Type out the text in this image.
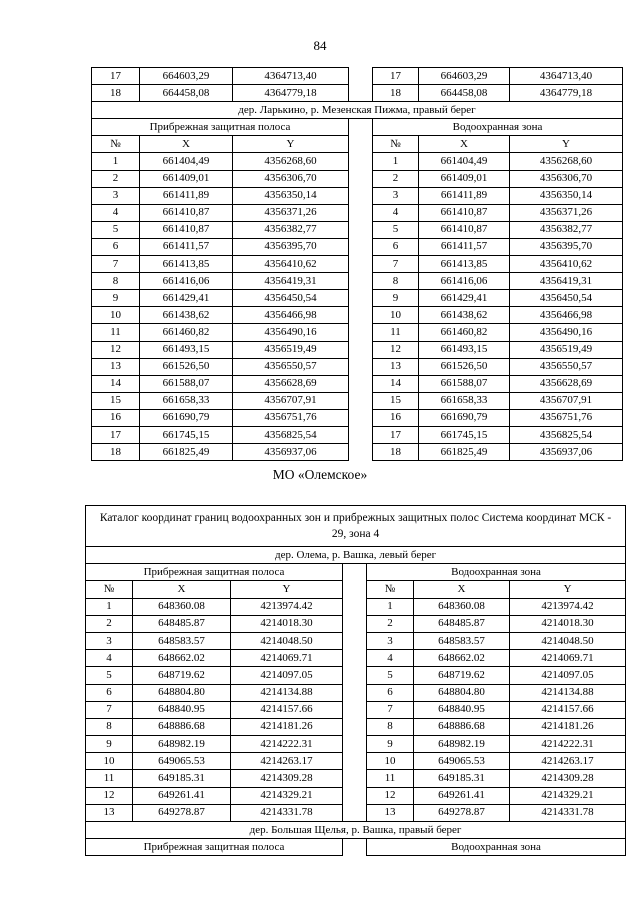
84
17	664603,29	4364713,40		17	664603,29	4364713,40
18	664458,08	4364779,18		18	664458,08	4364779,18
дер. Ларькино, р. Мезенская Пижма, правый берег						
Прибрежная защитная полоса				Водоохранная зона		
№	X	Y		№	X	Y
1	661404,49	4356268,60		1	661404,49	4356268,60
2	661409,01	4356306,70		2	661409,01	4356306,70
3	661411,89	4356350,14		3	661411,89	4356350,14
4	661410,87	4356371,26		4	661410,87	4356371,26
5	661410,87	4356382,77		5	661410,87	4356382,77
6	661411,57	4356395,70		6	661411,57	4356395,70
7	661413,85	4356410,62		7	661413,85	4356410,62
8	661416,06	4356419,31		8	661416,06	4356419,31
9	661429,41	4356450,54		9	661429,41	4356450,54
10	661438,62	4356466,98		10	661438,62	4356466,98
11	661460,82	4356490,16		11	661460,82	4356490,16
12	661493,15	4356519,49		12	661493,15	4356519,49
13	661526,50	4356550,57		13	661526,50	4356550,57
14	661588,07	4356628,69		14	661588,07	4356628,69
15	661658,33	4356707,91		15	661658,33	4356707,91
16	661690,79	4356751,76		16	661690,79	4356751,76
17	661745,15	4356825,54		17	661745,15	4356825,54
18	661825,49	4356937,06		18	661825,49	4356937,06
МО «Олемское»
Каталог координат границ водоохранных зон и прибрежных защитных полос Система координат МСК - 29, зона 4						
дер. Олема, р. Вашка, левый берег						
Прибрежная защитная полоса				Водоохранная зона		
№	X	Y		№	X	Y
1	648360.08	4213974.42		1	648360.08	4213974.42
2	648485.87	4214018.30		2	648485.87	4214018.30
3	648583.57	4214048.50		3	648583.57	4214048.50
4	648662.02	4214069.71		4	648662.02	4214069.71
5	648719.62	4214097.05		5	648719.62	4214097.05
6	648804.80	4214134.88		6	648804.80	4214134.88
7	648840.95	4214157.66		7	648840.95	4214157.66
8	648886.68	4214181.26		8	648886.68	4214181.26
9	648982.19	4214222.31		9	648982.19	4214222.31
10	649065.53	4214263.17		10	649065.53	4214263.17
11	649185.31	4214309.28		11	649185.31	4214309.28
12	649261.41	4214329.21		12	649261.41	4214329.21
13	649278.87	4214331.78		13	649278.87	4214331.78
дер. Большая Щелья, р. Вашка, правый берег						
Прибрежная защитная полоса				Водоохранная зона		
